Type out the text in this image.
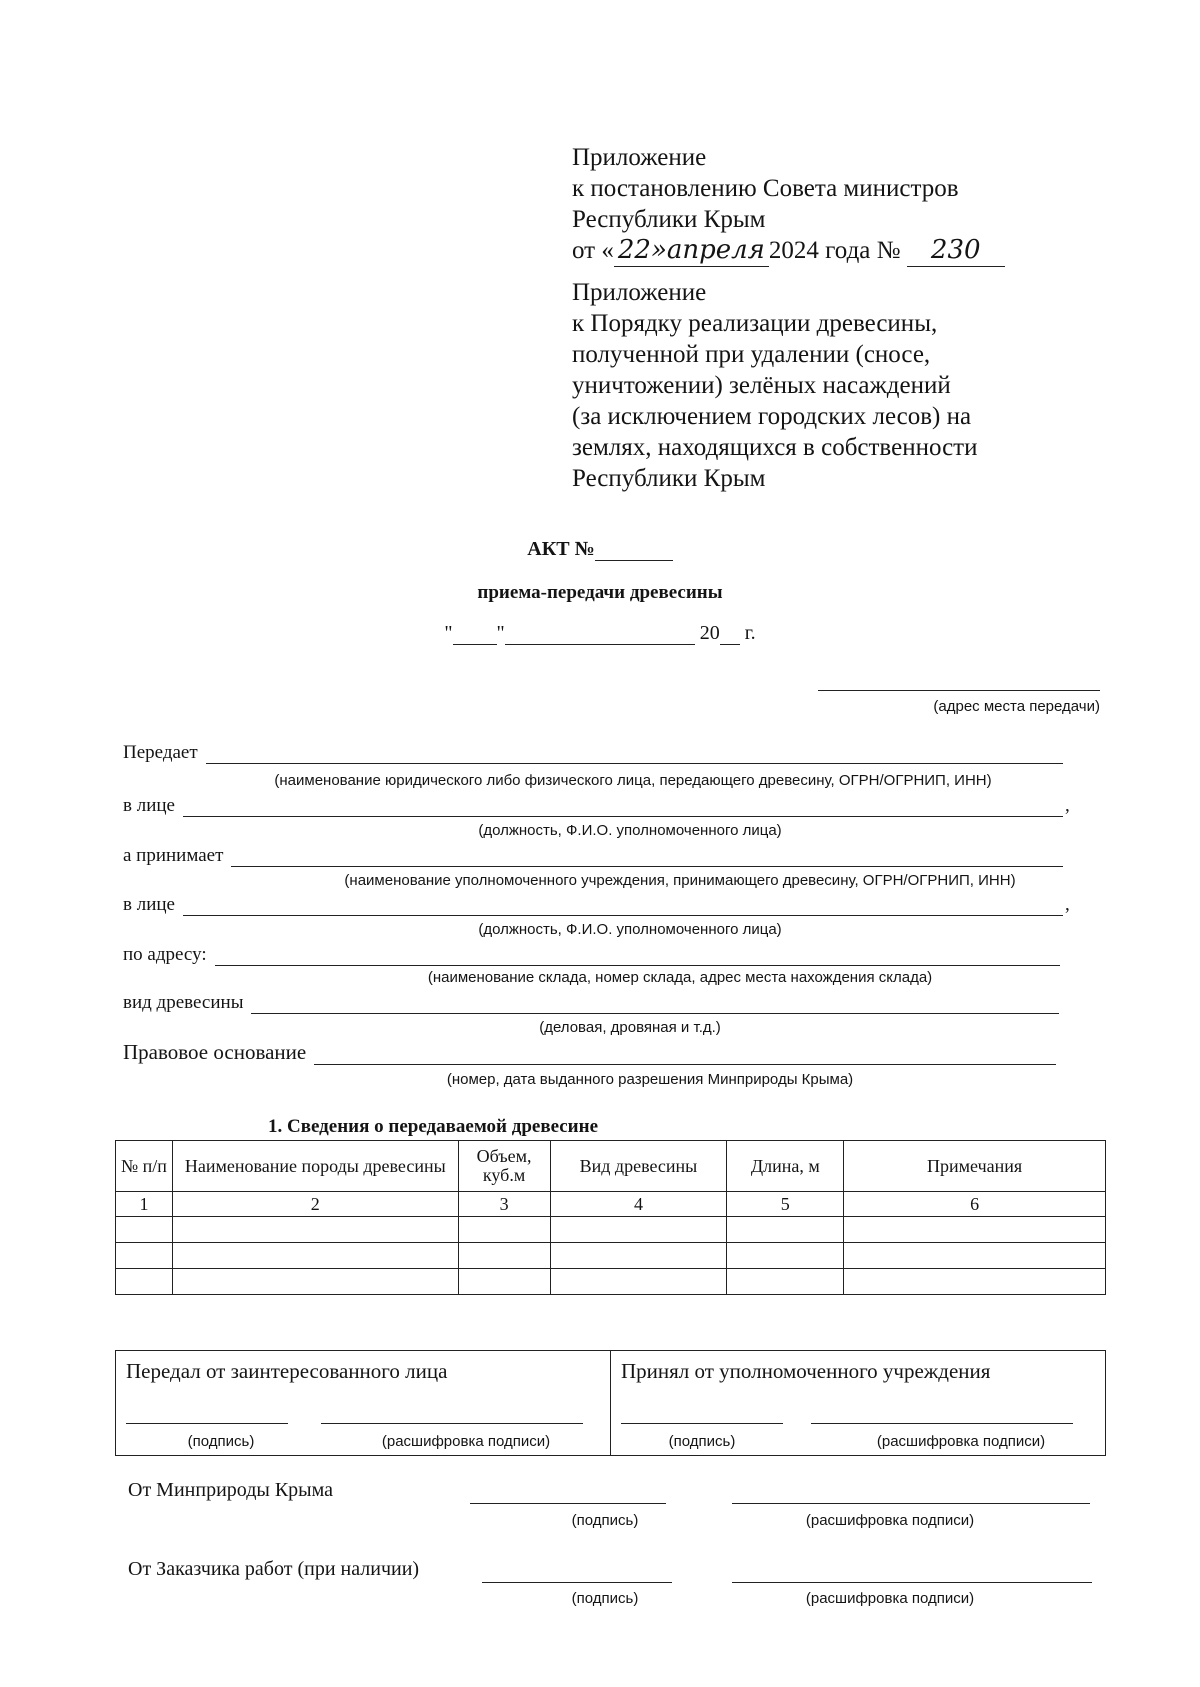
Приложение
к постановлению Совета министров
Республики Крым
от « 22»апреля 2024 года № 230
Приложение
к Порядку реализации древесины,
полученной при удалении (сносе,
уничтожении) зелёных насаждений
(за исключением городских лесов) на
землях, находящихся в собственности
Республики Крым
АКТ №
приема-передачи древесины
" "	20 г.
(адрес места передачи)
Передает
(наименование юридического либо физического лица, передающего древесину, ОГРН/ОГРНИП, ИНН)
в лице	,
(должность, Ф.И.О. уполномоченного лица)
а принимает
(наименование уполномоченного учреждения, принимающего древесину, ОГРН/ОГРНИП, ИНН)
в лице	,
(должность, Ф.И.О. уполномоченного лица)
по адресу:
(наименование склада, номер склада, адрес места нахождения склада)
вид древесины
(деловая, дровяная и т.д.)
Правовое основание
(номер, дата выданного разрешения Минприроды Крыма)
1. Сведения о передаваемой древесине
№ п/п	Наименование породы древесины	Объем, куб.м	Вид древесины	Длина, м	Примечания
1	2	3	4	5	6

Передал от заинтересованного лица
(подпись)	(расшифровка подписи)
Принял от уполномоченного учреждения
(подпись)	(расшифровка подписи)
От Минприроды Крыма
(подпись)	(расшифровка подписи)
От Заказчика работ (при наличии)
(подпись)	(расшифровка подписи)
